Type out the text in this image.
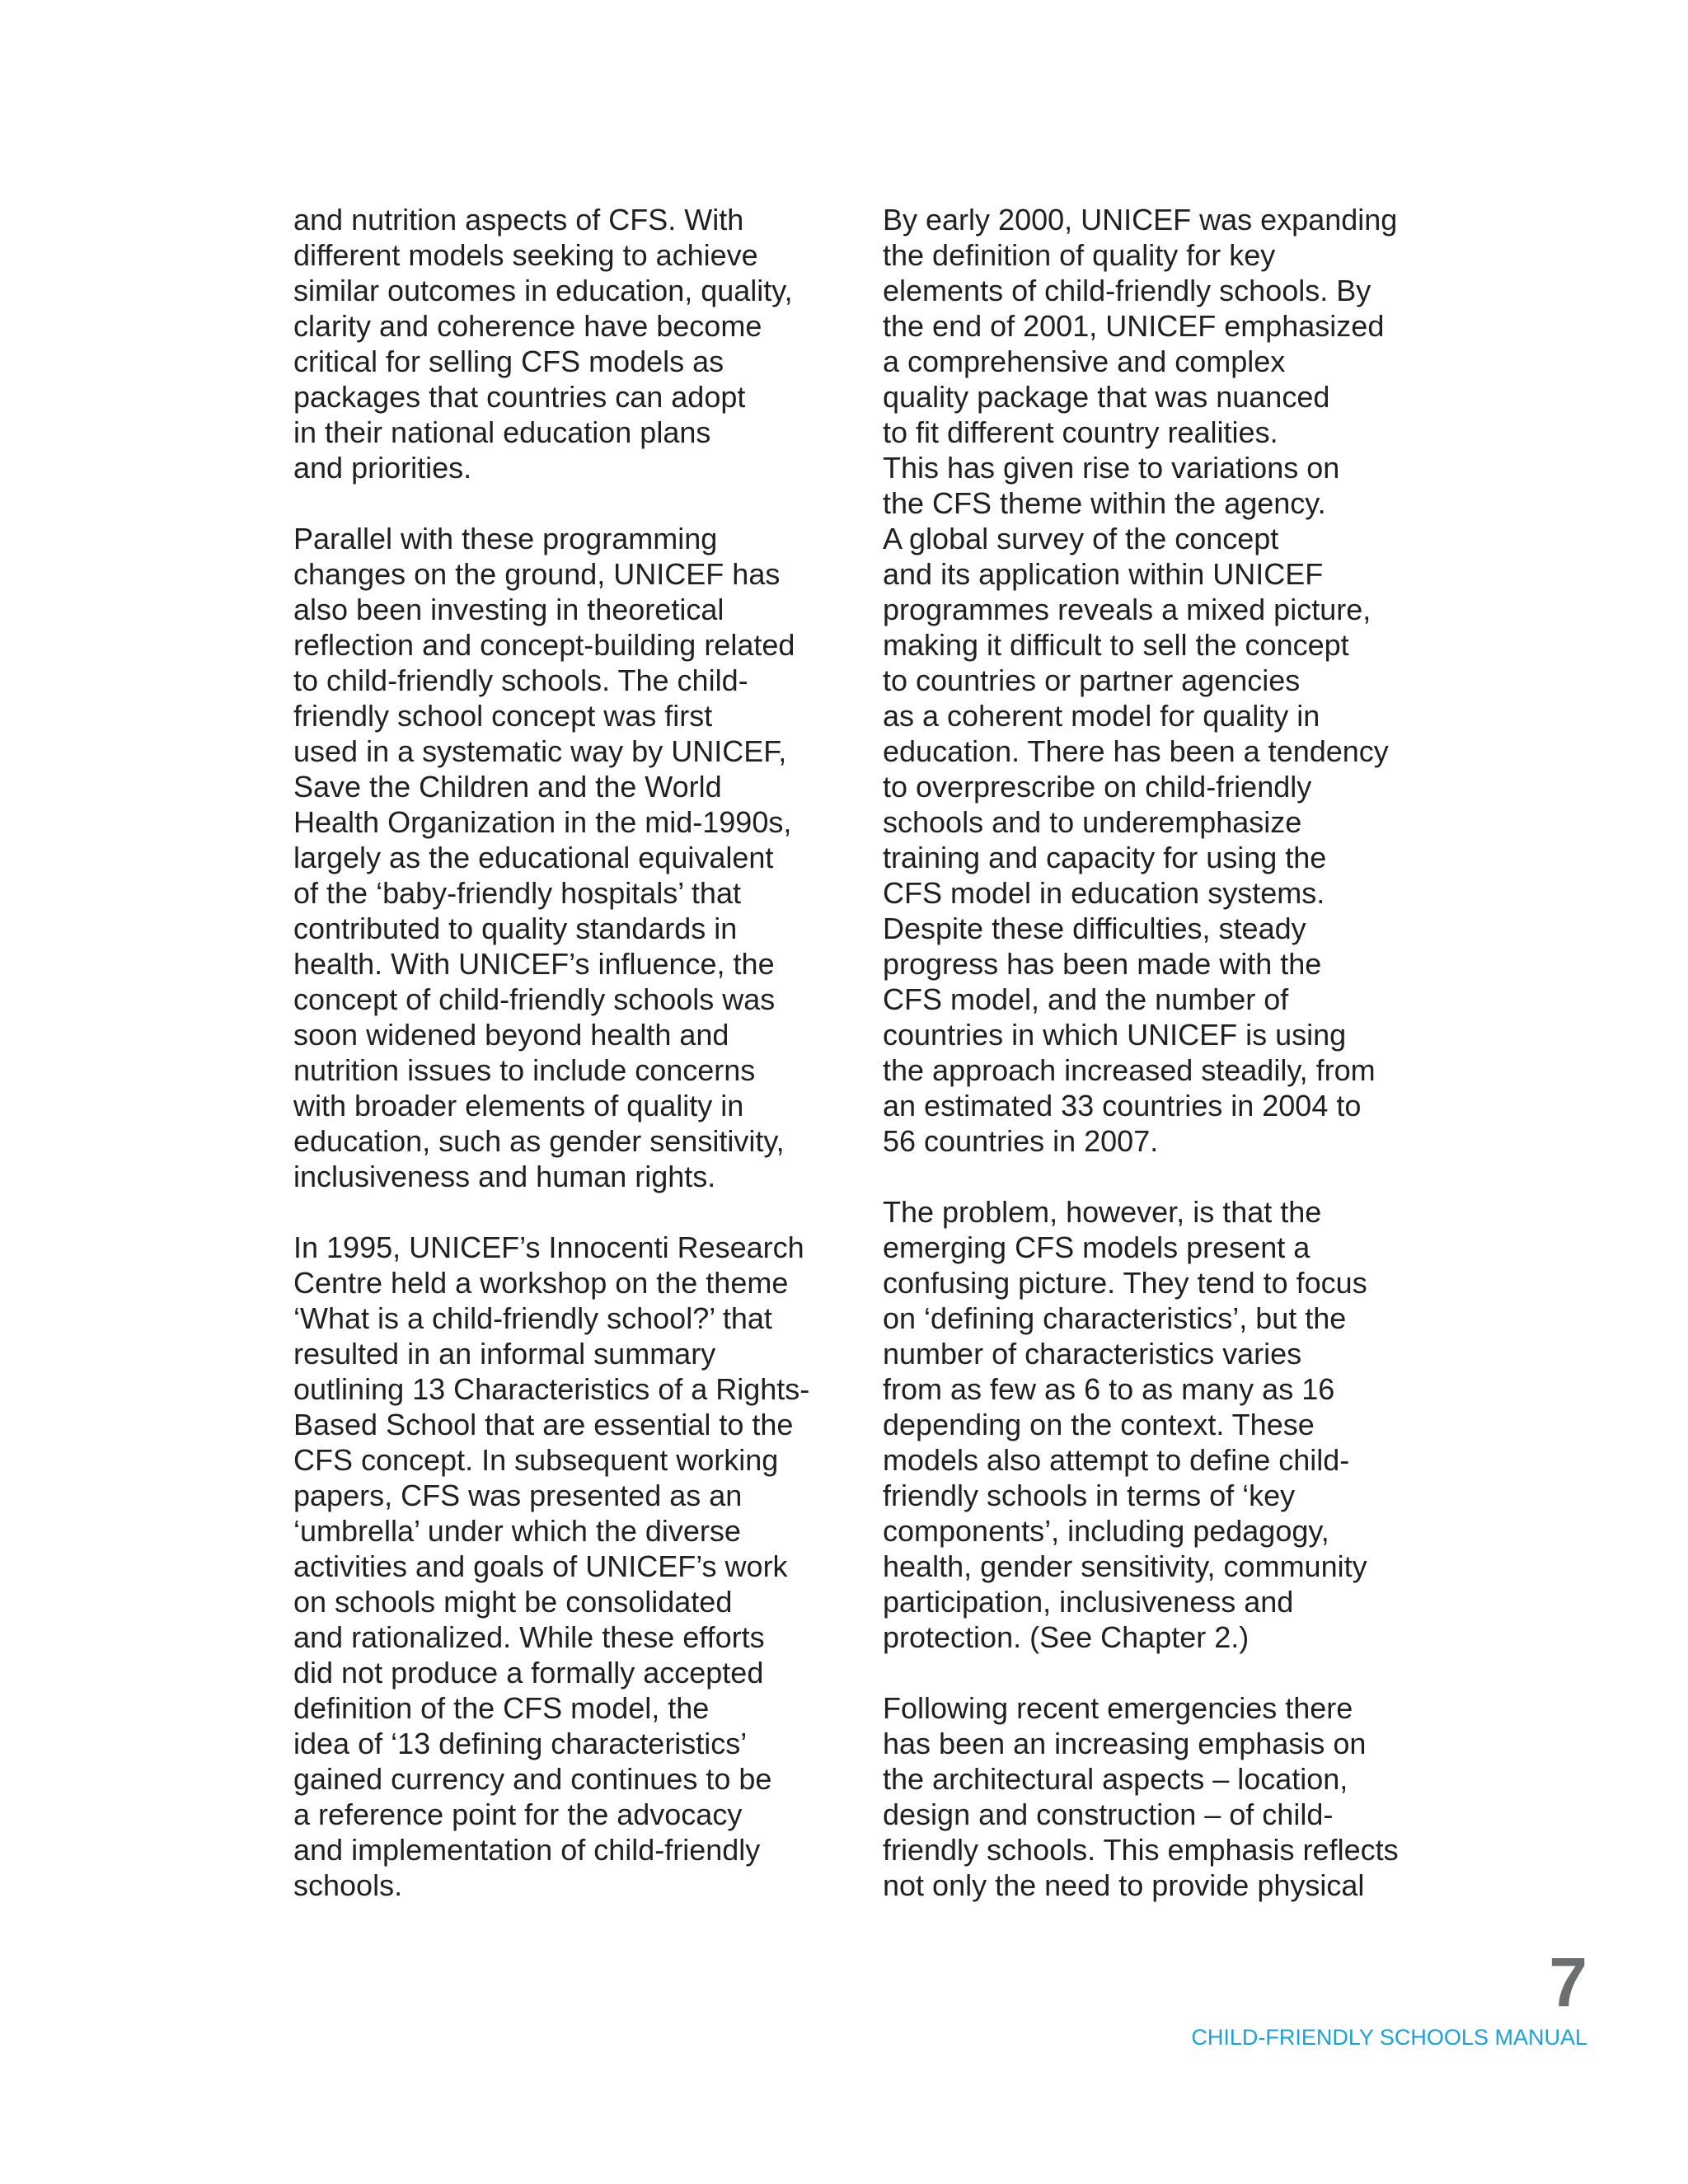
and nutrition aspects of CFS. With
different models seeking to achieve
similar outcomes in education, quality,
clarity and coherence have become
critical for selling CFS models as
packages that countries can adopt
in their national education plans
and priorities.

Parallel with these programming
changes on the ground, UNICEF has
also been investing in theoretical
reflection and concept-building related
to child-friendly schools. The child-
friendly school concept was first
used in a systematic way by UNICEF,
Save the Children and the World
Health Organization in the mid-1990s,
largely as the educational equivalent
of the ‘baby-friendly hospitals’ that
contributed to quality standards in
health. With UNICEF’s influence, the
concept of child-friendly schools was
soon widened beyond health and
nutrition issues to include concerns
with broader elements of quality in
education, such as gender sensitivity,
inclusiveness and human rights.

In 1995, UNICEF’s Innocenti Research
Centre held a workshop on the theme
‘What is a child-friendly school?’ that
resulted in an informal summary
outlining 13 Characteristics of a Rights-
Based School that are essential to the
CFS concept. In subsequent working
papers, CFS was presented as an
‘umbrella’ under which the diverse
activities and goals of UNICEF’s work
on schools might be consolidated
and rationalized. While these efforts
did not produce a formally accepted
definition of the CFS model, the
idea of ‘13 defining characteristics’
gained currency and continues to be
a reference point for the advocacy
and implementation of child-friendly
schools.

By early 2000, UNICEF was expanding
the definition of quality for key
elements of child-friendly schools. By
the end of 2001, UNICEF emphasized
a comprehensive and complex
quality package that was nuanced
to fit different country realities.
This has given rise to variations on
the CFS theme within the agency.
A global survey of the concept
and its application within UNICEF
programmes reveals a mixed picture,
making it difficult to sell the concept
to countries or partner agencies
as a coherent model for quality in
education. There has been a tendency
to overprescribe on child-friendly
schools and to underemphasize
training and capacity for using the
CFS model in education systems.
Despite these difficulties, steady
progress has been made with the
CFS model, and the number of
countries in which UNICEF is using
the approach increased steadily, from
an estimated 33 countries in 2004 to
56 countries in 2007.

The problem, however, is that the
emerging CFS models present a
confusing picture. They tend to focus
on ‘defining characteristics’, but the
number of characteristics varies
from as few as 6 to as many as 16
depending on the context. These
models also attempt to define child-
friendly schools in terms of ‘key
components’, including pedagogy,
health, gender sensitivity, community
participation, inclusiveness and
protection. (See Chapter 2.)

Following recent emergencies there
has been an increasing emphasis on
the architectural aspects – location,
design and construction – of child-
friendly schools. This emphasis reflects
not only the need to provide physical

7
CHILD-FRIENDLY SCHOOLS MANUAL
